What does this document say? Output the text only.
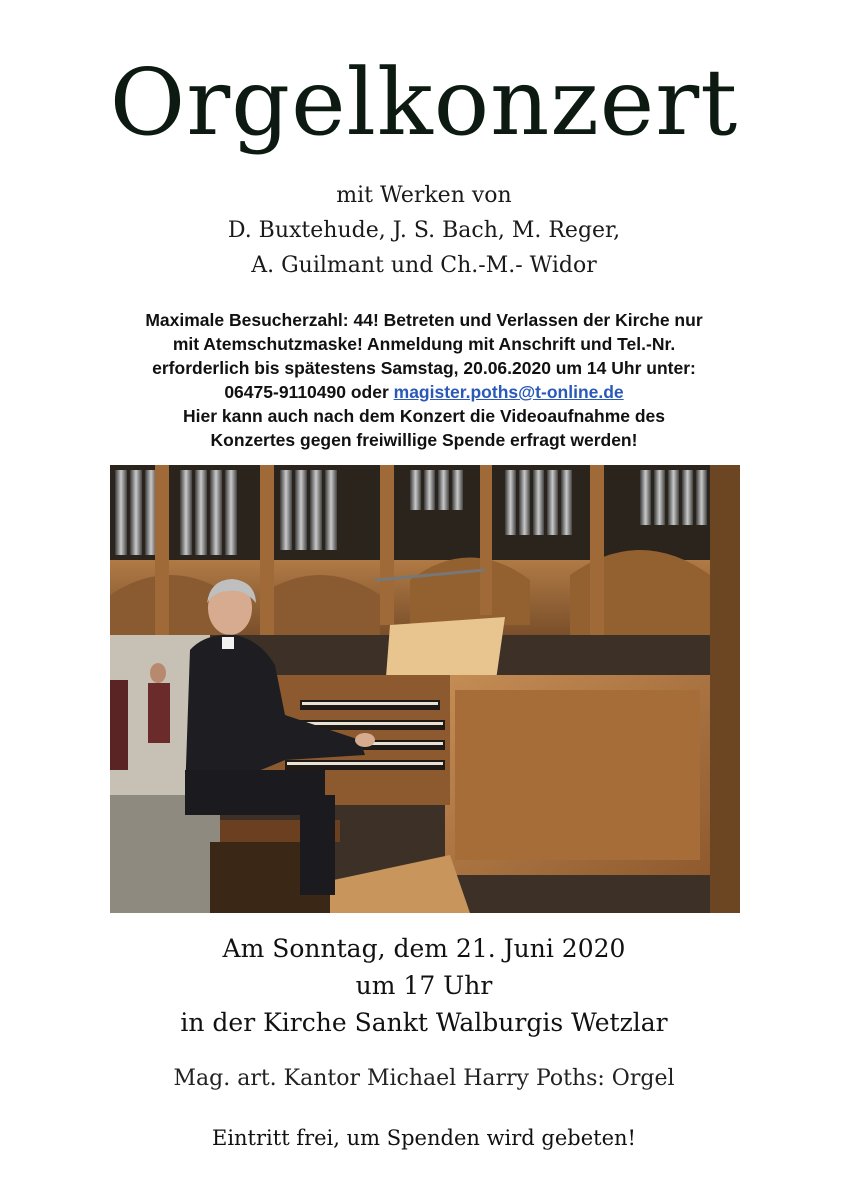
Orgelkonzert
mit Werken von
D. Buxtehude, J. S. Bach, M. Reger,
A. Guilmant und Ch.-M.- Widor
Maximale Besucherzahl: 44! Betreten und Verlassen der Kirche nur
mit Atemschutzmaske! Anmeldung mit Anschrift und Tel.-Nr.
erforderlich bis spätestens Samstag, 20.06.2020 um 14 Uhr unter:
06475-9110490 oder magister.poths@t-online.de
Hier kann auch nach dem Konzert die Videoaufnahme des
Konzertes gegen freiwillige Spende erfragt werden!
Am Sonntag, dem 21. Juni 2020
um 17 Uhr
in der Kirche Sankt Walburgis Wetzlar
Mag. art. Kantor Michael Harry Poths: Orgel
Eintritt frei, um Spenden wird gebeten!
